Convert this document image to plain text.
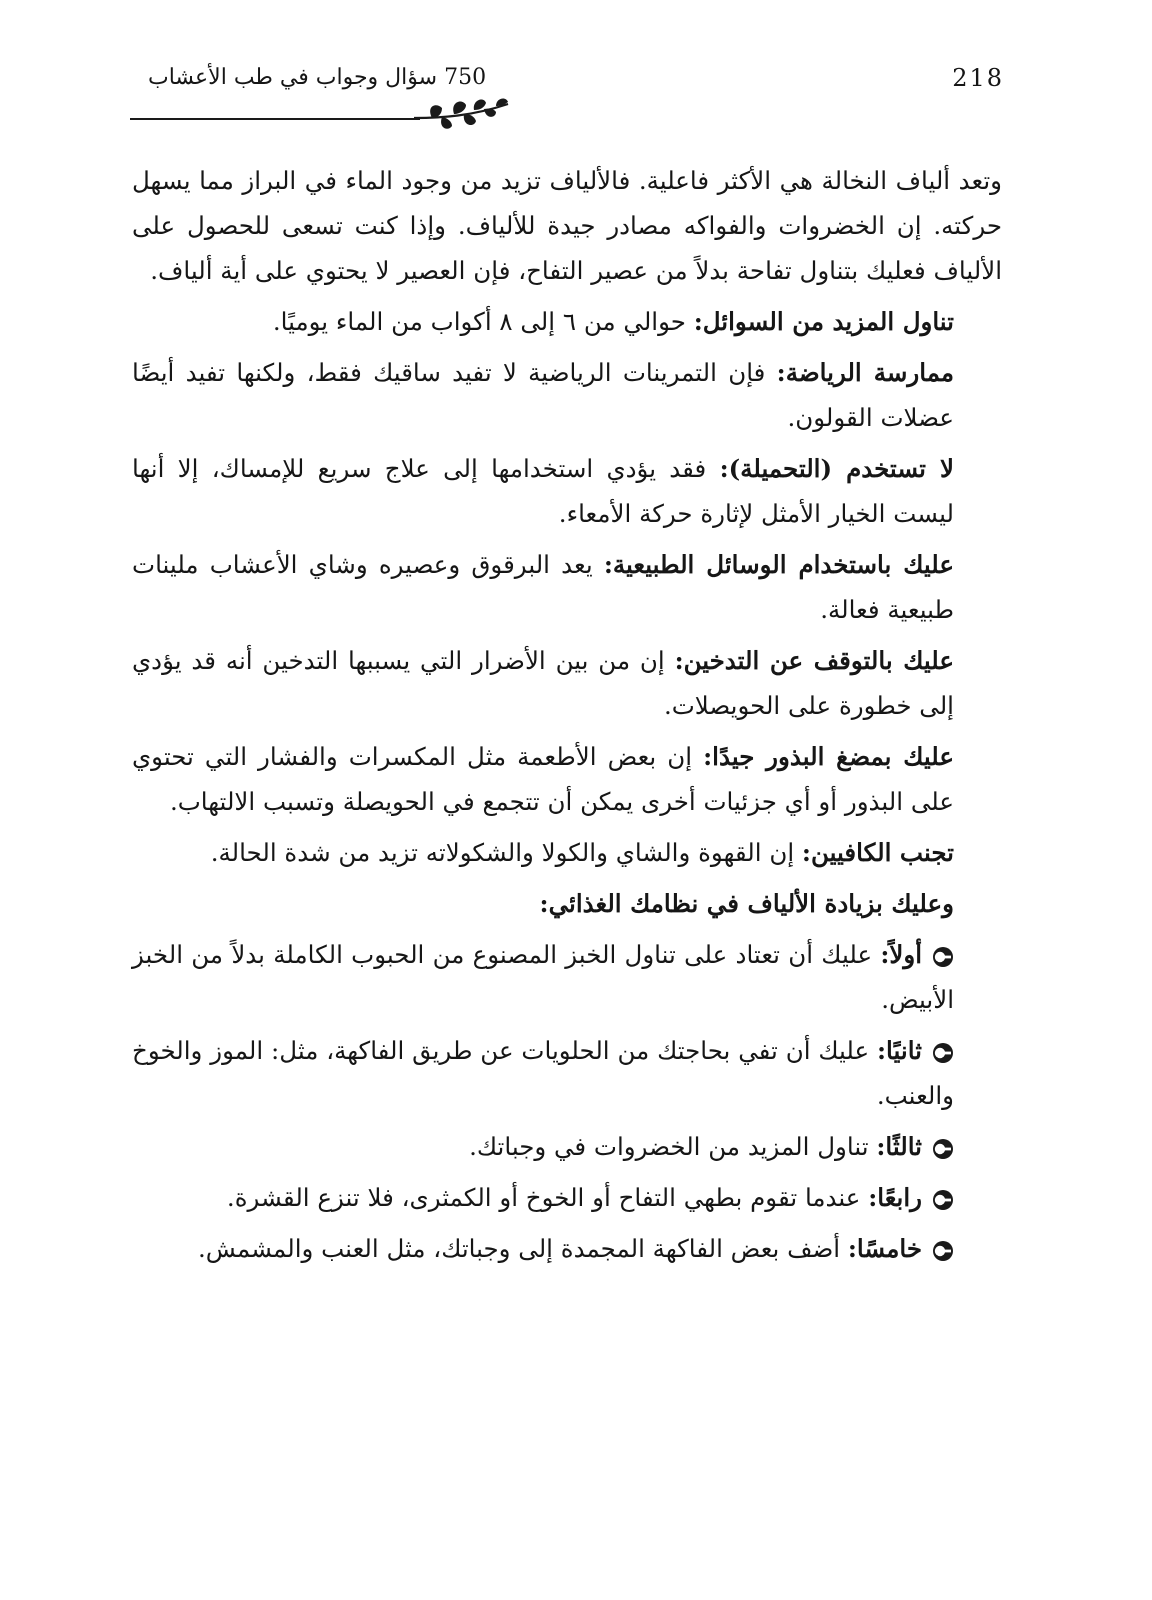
750 سؤال وجواب في طب الأعشاب	218

وتعد ألياف النخالة هي الأكثر فاعلية. فالألياف تزيد من وجود الماء في البراز مما يسهل حركته. إن الخضروات والفواكه مصادر جيدة للألياف. وإذا كنت تسعى للحصول على الألياف فعليك بتناول تفاحة بدلاً من عصير التفاح، فإن العصير لا يحتوي على أية ألياف.

تناول المزيد من السوائل: حوالي من ٦ إلى ٨ أكواب من الماء يوميًا.

ممارسة الرياضة: فإن التمرينات الرياضية لا تفيد ساقيك فقط، ولكنها تفيد أيضًا عضلات القولون.

لا تستخدم (التحميلة): فقد يؤدي استخدامها إلى علاج سريع للإمساك، إلا أنها ليست الخيار الأمثل لإثارة حركة الأمعاء.

عليك باستخدام الوسائل الطبيعية: يعد البرقوق وعصيره وشاي الأعشاب ملينات طبيعية فعالة.

عليك بالتوقف عن التدخين: إن من بين الأضرار التي يسببها التدخين أنه قد يؤدي إلى خطورة على الحويصلات.

عليك بمضغ البذور جيدًا: إن بعض الأطعمة مثل المكسرات والفشار التي تحتوي على البذور أو أي جزئيات أخرى يمكن أن تتجمع في الحويصلة وتسبب الالتهاب.

تجنب الكافيين: إن القهوة والشاي والكولا والشكولاته تزيد من شدة الحالة.

وعليك بزيادة الألياف في نظامك الغذائي:

أولاً: عليك أن تعتاد على تناول الخبز المصنوع من الحبوب الكاملة بدلاً من الخبز الأبيض.

ثانيًا: عليك أن تفي بحاجتك من الحلويات عن طريق الفاكهة، مثل: الموز والخوخ والعنب.

ثالثًا: تناول المزيد من الخضروات في وجباتك.

رابعًا: عندما تقوم بطهي التفاح أو الخوخ أو الكمثرى، فلا تنزع القشرة.

خامسًا: أضف بعض الفاكهة المجمدة إلى وجباتك، مثل العنب والمشمش.
